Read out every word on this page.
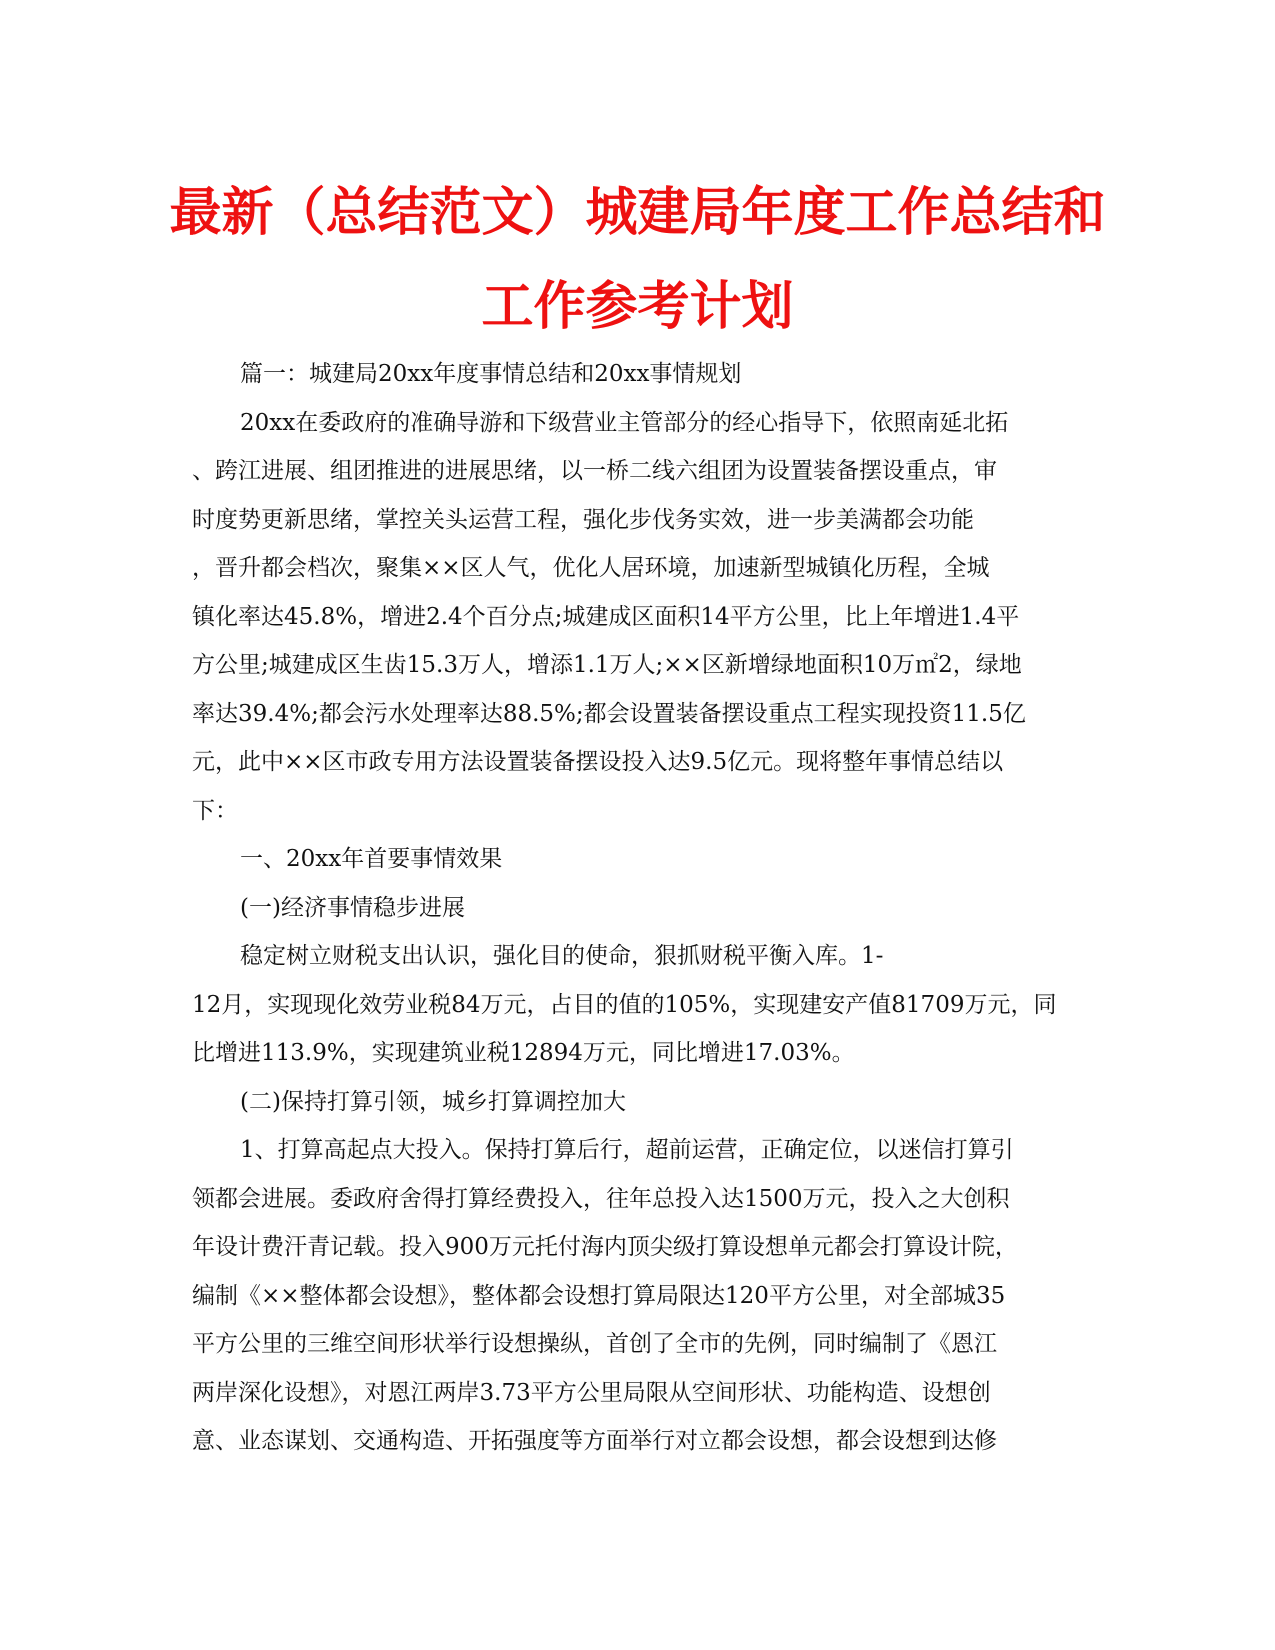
最新（总结范文）城建局年度工作总结和
工作参考计划
篇一：城建局20xx年度事情总结和20xx事情规划
20xx在委政府的准确导游和下级营业主管部分的经心指导下，依照南延北拓
、跨江进展、组团推进的进展思绪，以一桥二线六组团为设置装备摆设重点，审
时度势更新思绪，掌控关头运营工程，强化步伐务实效，进一步美满都会功能
，晋升都会档次，聚集××区人气，优化人居环境，加速新型城镇化历程，全城
镇化率达45.8%，增进2.4个百分点;城建成区面积14平方公里，比上年增进1.4平
方公里;城建成区生齿15.3万人，增添1.1万人;××区新增绿地面积10万㎡2，绿地
率达39.4%;都会污水处理率达88.5%;都会设置装备摆设重点工程实现投资11.5亿
元，此中××区市政专用方法设置装备摆设投入达9.5亿元。现将整年事情总结以
下：
一、20xx年首要事情效果
(一)经济事情稳步进展
稳定树立财税支出认识，强化目的使命，狠抓财税平衡入库。1-
12月，实现现化效劳业税84万元，占目的值的105%，实现建安产值81709万元，同
比增进113.9%，实现建筑业税12894万元，同比增进17.03%。
(二)保持打算引领，城乡打算调控加大
1、打算高起点大投入。保持打算后行，超前运营，正确定位，以迷信打算引
领都会进展。委政府舍得打算经费投入，往年总投入达1500万元，投入之大创积
年设计费汗青记载。投入900万元托付海内顶尖级打算设想单元都会打算设计院，
编制《××整体都会设想》，整体都会设想打算局限达120平方公里，对全部城35
平方公里的三维空间形状举行设想操纵，首创了全市的先例，同时编制了《恩江
两岸深化设想》，对恩江两岸3.73平方公里局限从空间形状、功能构造、设想创
意、业态谋划、交通构造、开拓强度等方面举行对立都会设想，都会设想到达修
